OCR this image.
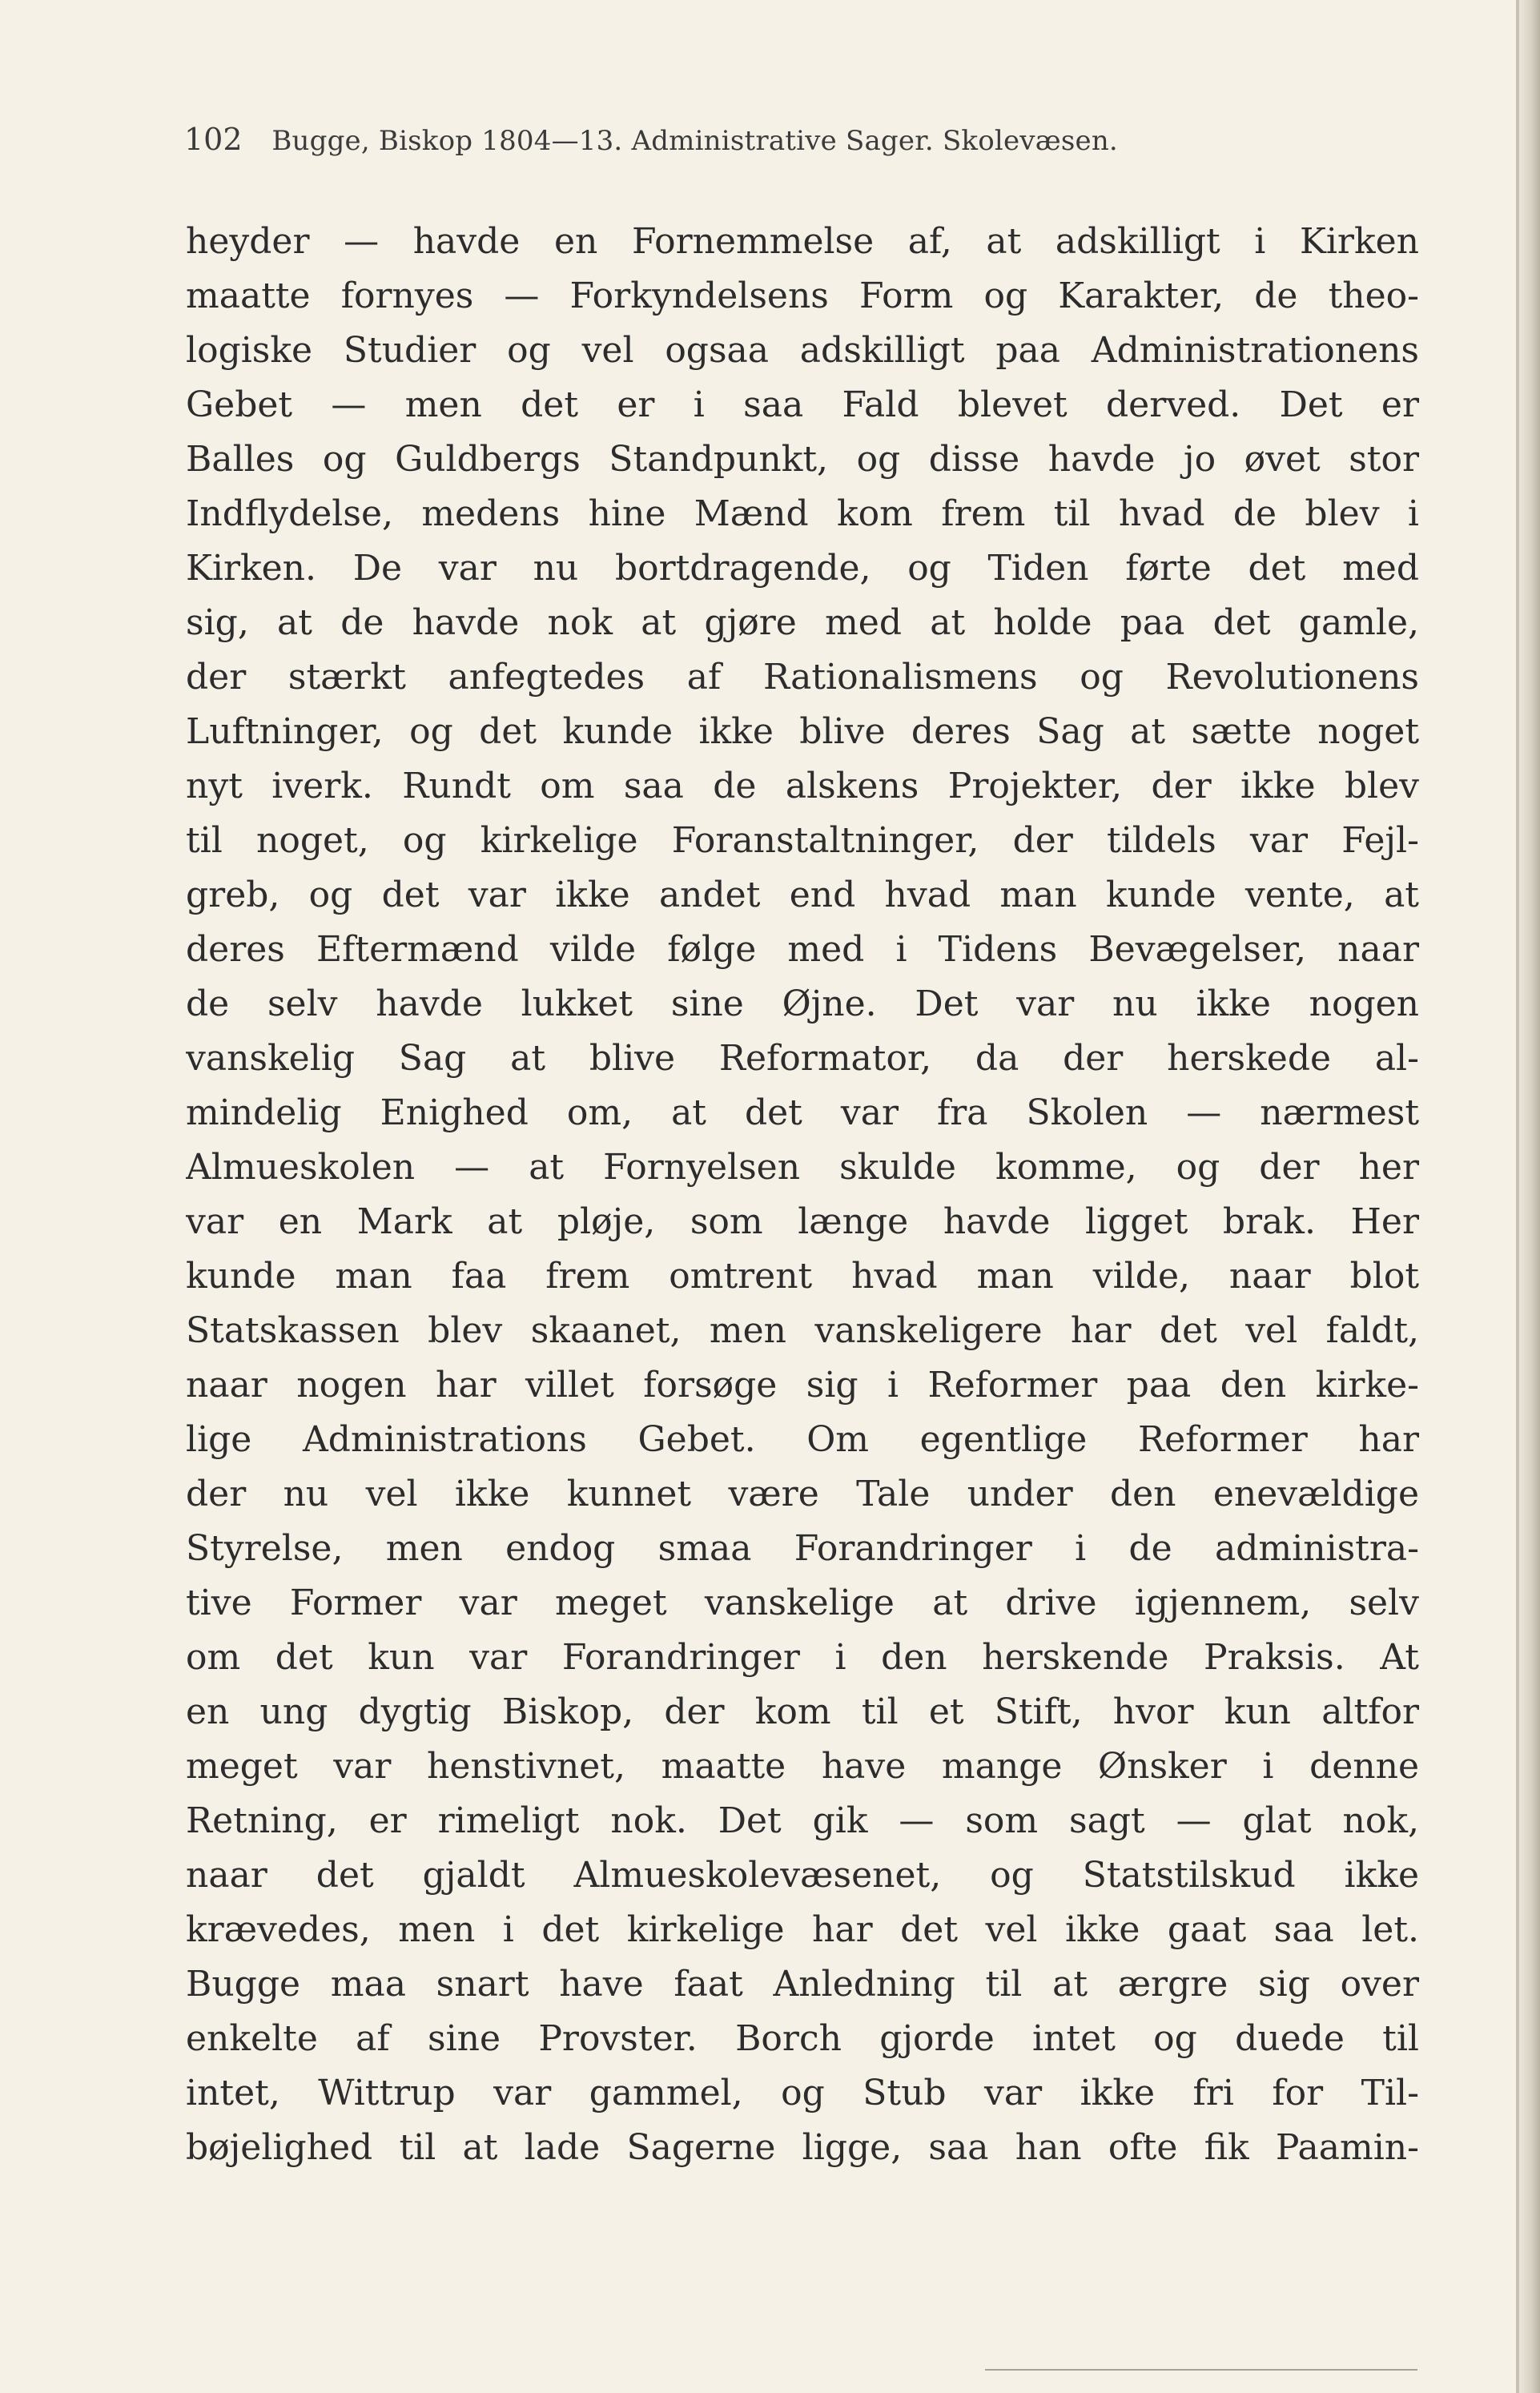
102 Bugge, Biskop 1804—13. Administrative Sager. Skolevæsen.
heyder — havde en Fornemmelse af, at adskilligt i Kirken
maatte fornyes — Forkyndelsens Form og Karakter, de theo-
logiske Studier og vel ogsaa adskilligt paa Administrationens
Gebet — men det er i saa Fald blevet derved. Det er
Balles og Guldbergs Standpunkt, og disse havde jo øvet stor
Indflydelse, medens hine Mænd kom frem til hvad de blev i
Kirken. De var nu bortdragende, og Tiden førte det med
sig, at de havde nok at gjøre med at holde paa det gamle,
der stærkt anfegtedes af Rationalismens og Revolutionens
Luftninger, og det kunde ikke blive deres Sag at sætte noget
nyt iverk. Rundt om saa de alskens Projekter, der ikke blev
til noget, og kirkelige Foranstaltninger, der tildels var Fejl-
greb, og det var ikke andet end hvad man kunde vente, at
deres Eftermænd vilde følge med i Tidens Bevægelser, naar
de selv havde lukket sine Øjne. Det var nu ikke nogen
vanskelig Sag at blive Reformator, da der herskede al-
mindelig Enighed om, at det var fra Skolen — nærmest
Almueskolen — at Fornyelsen skulde komme, og der her
var en Mark at pløje, som længe havde ligget brak. Her
kunde man faa frem omtrent hvad man vilde, naar blot
Statskassen blev skaanet, men vanskeligere har det vel faldt,
naar nogen har villet forsøge sig i Reformer paa den kirke-
lige Administrations Gebet. Om egentlige Reformer har
der nu vel ikke kunnet være Tale under den enevældige
Styrelse, men endog smaa Forandringer i de administra-
tive Former var meget vanskelige at drive igjennem, selv
om det kun var Forandringer i den herskende Praksis. At
en ung dygtig Biskop, der kom til et Stift, hvor kun altfor
meget var henstivnet, maatte have mange Ønsker i denne
Retning, er rimeligt nok. Det gik — som sagt — glat nok,
naar det gjaldt Almueskolevæsenet, og Statstilskud ikke
krævedes, men i det kirkelige har det vel ikke gaat saa let.
Bugge maa snart have faat Anledning til at ærgre sig over
enkelte af sine Provster. Borch gjorde intet og duede til
intet, Wittrup var gammel, og Stub var ikke fri for Til-
bøjelighed til at lade Sagerne ligge, saa han ofte fik Paamin-
